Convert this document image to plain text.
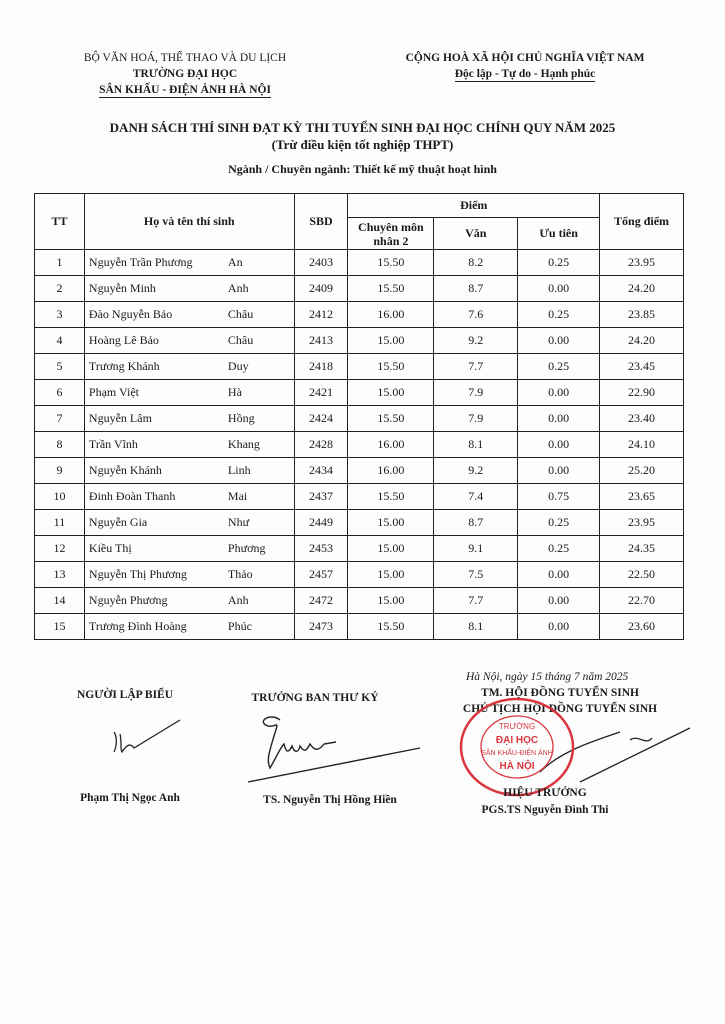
BỘ VĂN HOÁ, THỂ THAO VÀ DU LỊCH
TRƯỜNG ĐẠI HỌC
SÂN KHẤU - ĐIỆN ẢNH HÀ NỘI
CỘNG HOÀ XÃ HỘI CHỦ NGHĨA VIỆT NAM
Độc lập - Tự do - Hạnh phúc
DANH SÁCH THÍ SINH ĐẠT KỲ THI TUYỂN SINH ĐẠI HỌC CHÍNH QUY NĂM 2025
(Trừ điều kiện tốt nghiệp THPT)
Ngành / Chuyên ngành: Thiết kế mỹ thuật hoạt hình
TT	Họ và tên thí sinh	SBD	Điểm			Tổng điểm
			Chuyên môn nhân 2	Văn	Ưu tiên	
1	Nguyễn Trần Phương An	2403	15.50	8.2	0.25	23.95
2	Nguyễn Minh Anh	2409	15.50	8.7	0.00	24.20
3	Đào Nguyễn Bảo Châu	2412	16.00	7.6	0.25	23.85
4	Hoàng Lê Bảo Châu	2413	15.00	9.2	0.00	24.20
5	Trương Khánh Duy	2418	15.50	7.7	0.25	23.45
6	Phạm Việt Hà	2421	15.00	7.9	0.00	22.90
7	Nguyễn Lâm Hồng	2424	15.50	7.9	0.00	23.40
8	Trần Vĩnh Khang	2428	16.00	8.1	0.00	24.10
9	Nguyễn Khánh Linh	2434	16.00	9.2	0.00	25.20
10	Đinh Đoàn Thanh Mai	2437	15.50	7.4	0.75	23.65
11	Nguyễn Gia Như	2449	15.00	8.7	0.25	23.95
12	Kiều Thị Phương	2453	15.00	9.1	0.25	24.35
13	Nguyễn Thị Phương Thảo	2457	15.00	7.5	0.00	22.50
14	Nguyễn Phương Anh	2472	15.00	7.7	0.00	22.70
15	Trương Đình Hoàng Phúc	2473	15.50	8.1	0.00	23.60
Hà Nội, ngày 15 tháng 7 năm 2025
NGƯỜI LẬP BIỂU	TRƯỞNG BAN THƯ KÝ	TM. HỘI ĐỒNG TUYỂN SINH
CHỦ TỊCH HỘI ĐỒNG TUYỂN SINH
TRƯỜNG
ĐẠI HỌC
SÂN KHẤU-ĐIỆN ẢNH
HÀ NỘI
Phạm Thị Ngọc Anh	TS. Nguyễn Thị Hồng Hiền
HIỆU TRƯỞNG
PGS.TS Nguyễn Đình Thi
